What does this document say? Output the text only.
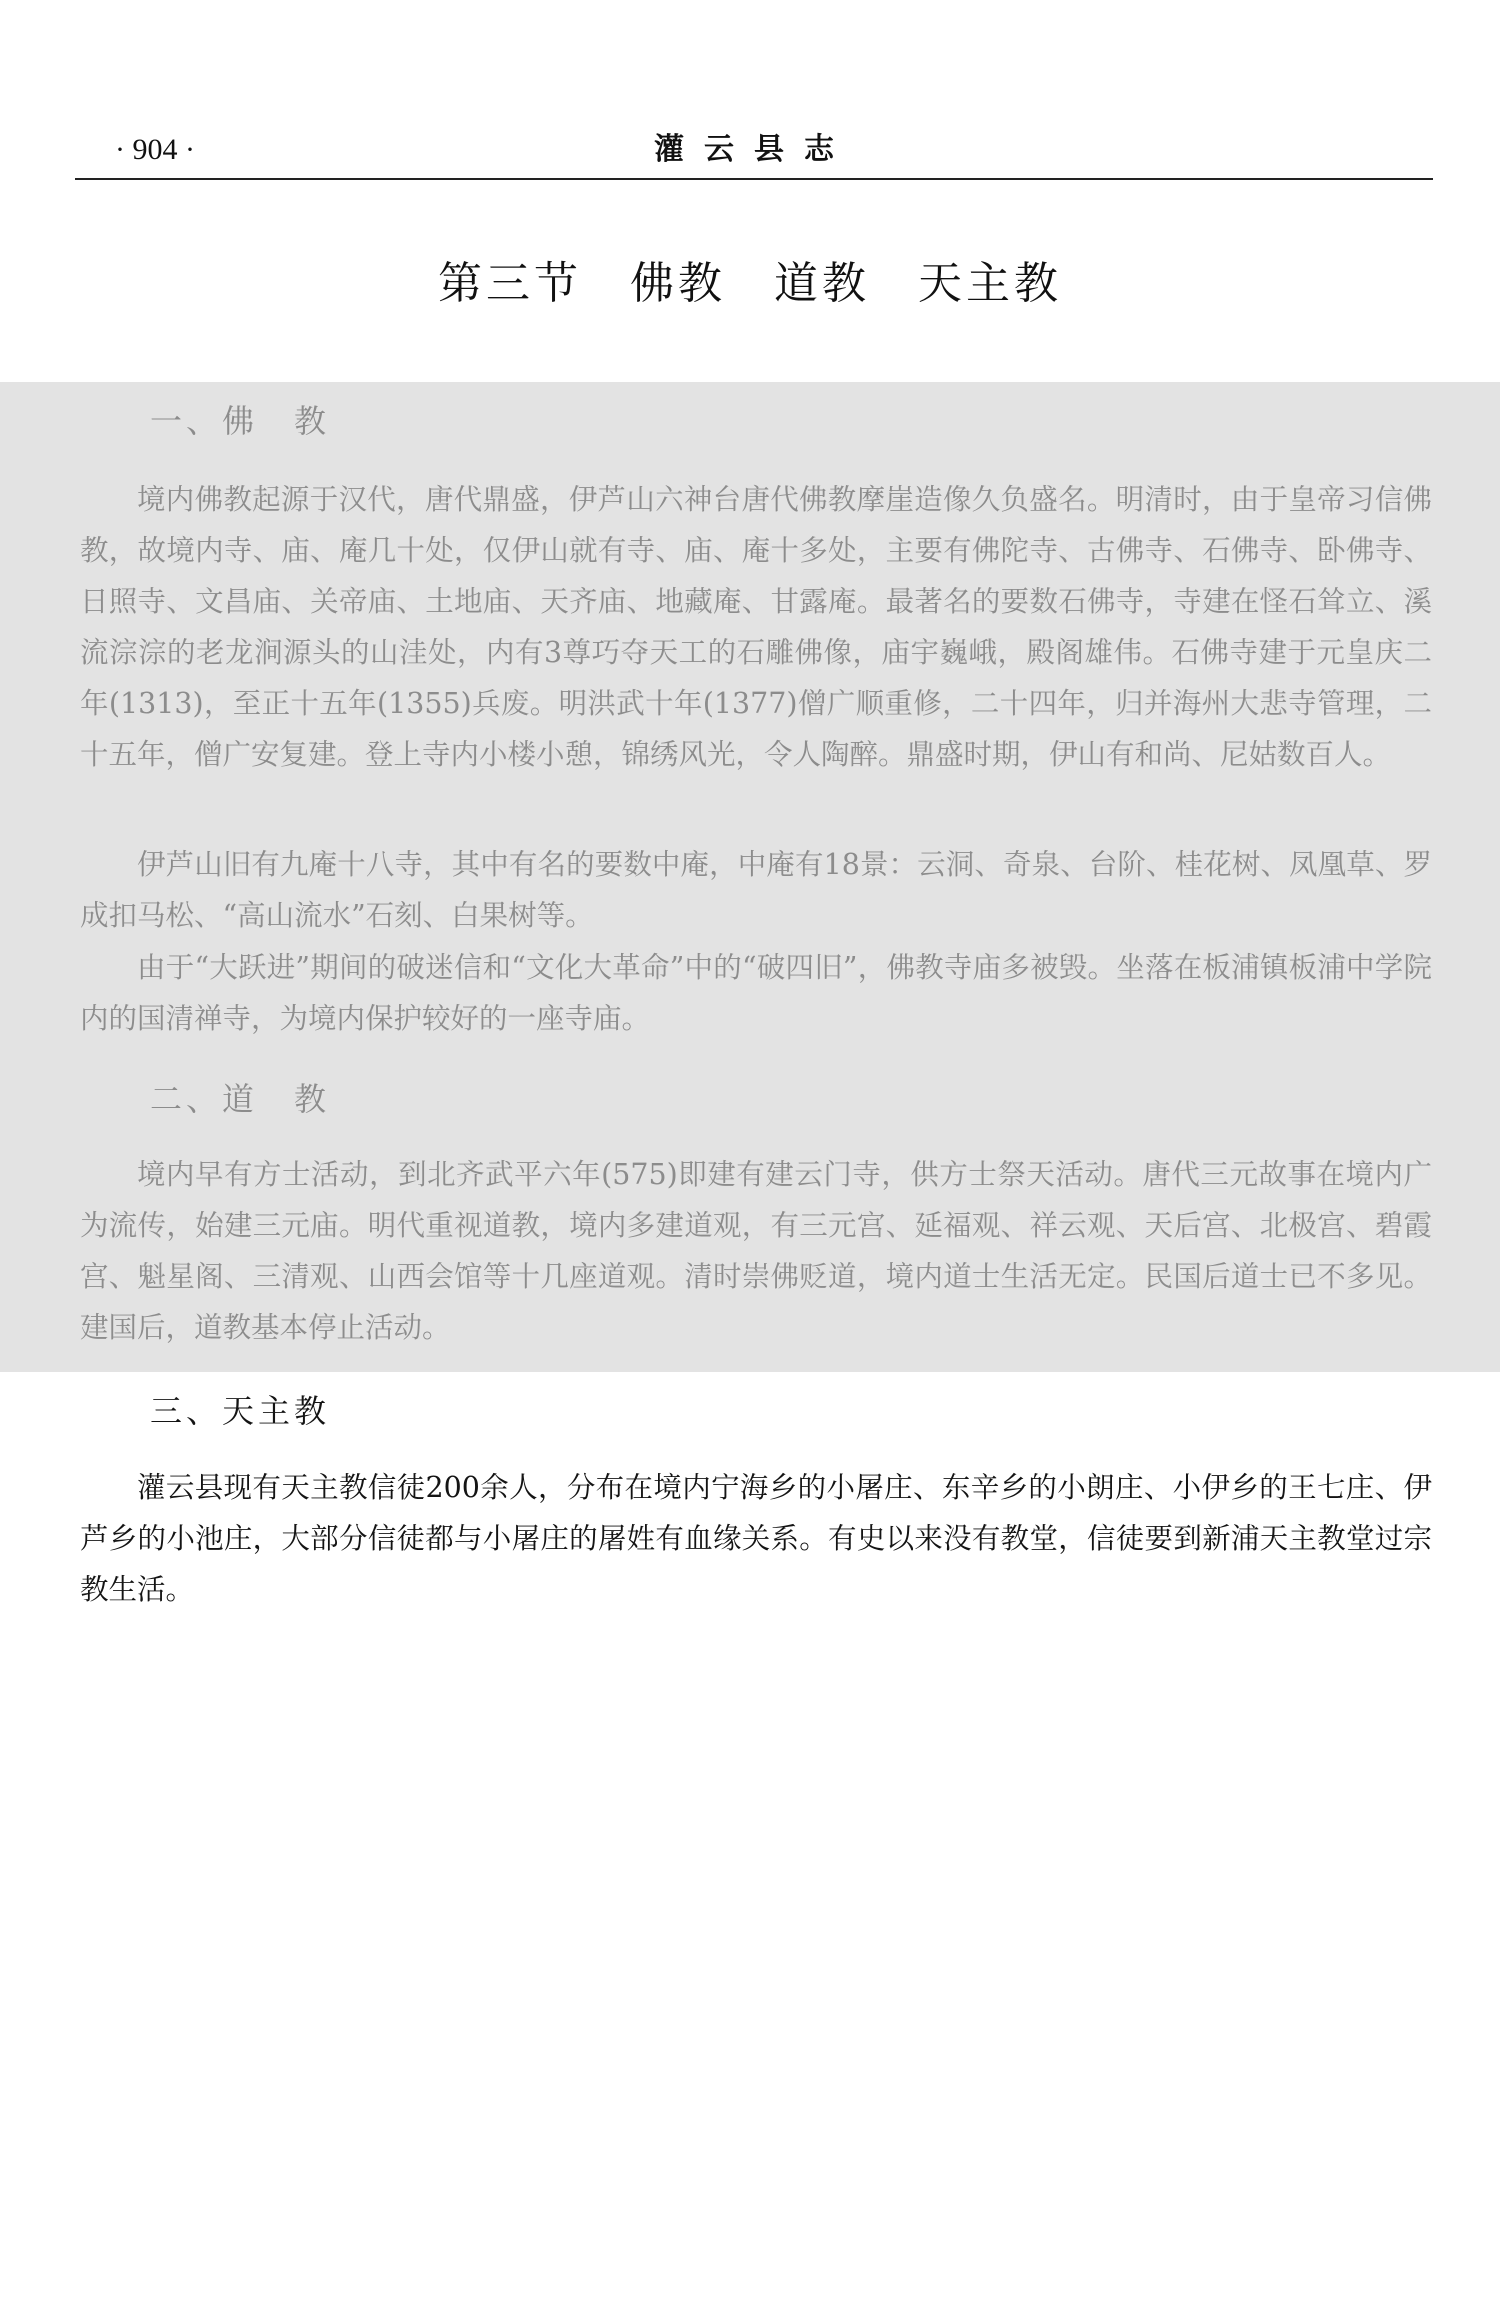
· 904 ·	灌云县志
第三节　佛教　道教　天主教
一、佛　教

境内佛教起源于汉代，唐代鼎盛，伊芦山六神台唐代佛教摩崖造像久负盛名。明清时，由于皇帝习信佛教，故境内寺、庙、庵几十处，仅伊山就有寺、庙、庵十多处，主要有佛陀寺、古佛寺、石佛寺、卧佛寺、日照寺、文昌庙、关帝庙、土地庙、天齐庙、地藏庵、甘露庵。最著名的要数石佛寺，寺建在怪石耸立、溪流淙淙的老龙涧源头的山洼处，内有3尊巧夺天工的石雕佛像，庙宇巍峨，殿阁雄伟。石佛寺建于元皇庆二年(1313)，至正十五年(1355)兵废。明洪武十年(1377)僧广顺重修，二十四年，归并海州大悲寺管理，二十五年，僧广安复建。登上寺内小楼小憩，锦绣风光，令人陶醉。鼎盛时期，伊山有和尚、尼姑数百人。

伊芦山旧有九庵十八寺，其中有名的要数中庵，中庵有18景：云洞、奇泉、台阶、桂花树、凤凰草、罗成扣马松、“高山流水”石刻、白果树等。

由于“大跃进”期间的破迷信和“文化大革命”中的“破四旧”，佛教寺庙多被毁。坐落在板浦镇板浦中学院内的国清禅寺，为境内保护较好的一座寺庙。

二、道　教

境内早有方士活动，到北齐武平六年(575)即建有建云门寺，供方士祭天活动。唐代三元故事在境内广为流传，始建三元庙。明代重视道教，境内多建道观，有三元宫、延福观、祥云观、天后宫、北极宫、碧霞宫、魁星阁、三清观、山西会馆等十几座道观。清时崇佛贬道，境内道士生活无定。民国后道士已不多见。建国后，道教基本停止活动。

三、天主教

灌云县现有天主教信徒200余人，分布在境内宁海乡的小屠庄、东辛乡的小朗庄、小伊乡的王七庄、伊芦乡的小池庄，大部分信徒都与小屠庄的屠姓有血缘关系。有史以来没有教堂，信徒要到新浦天主教堂过宗教生活。
